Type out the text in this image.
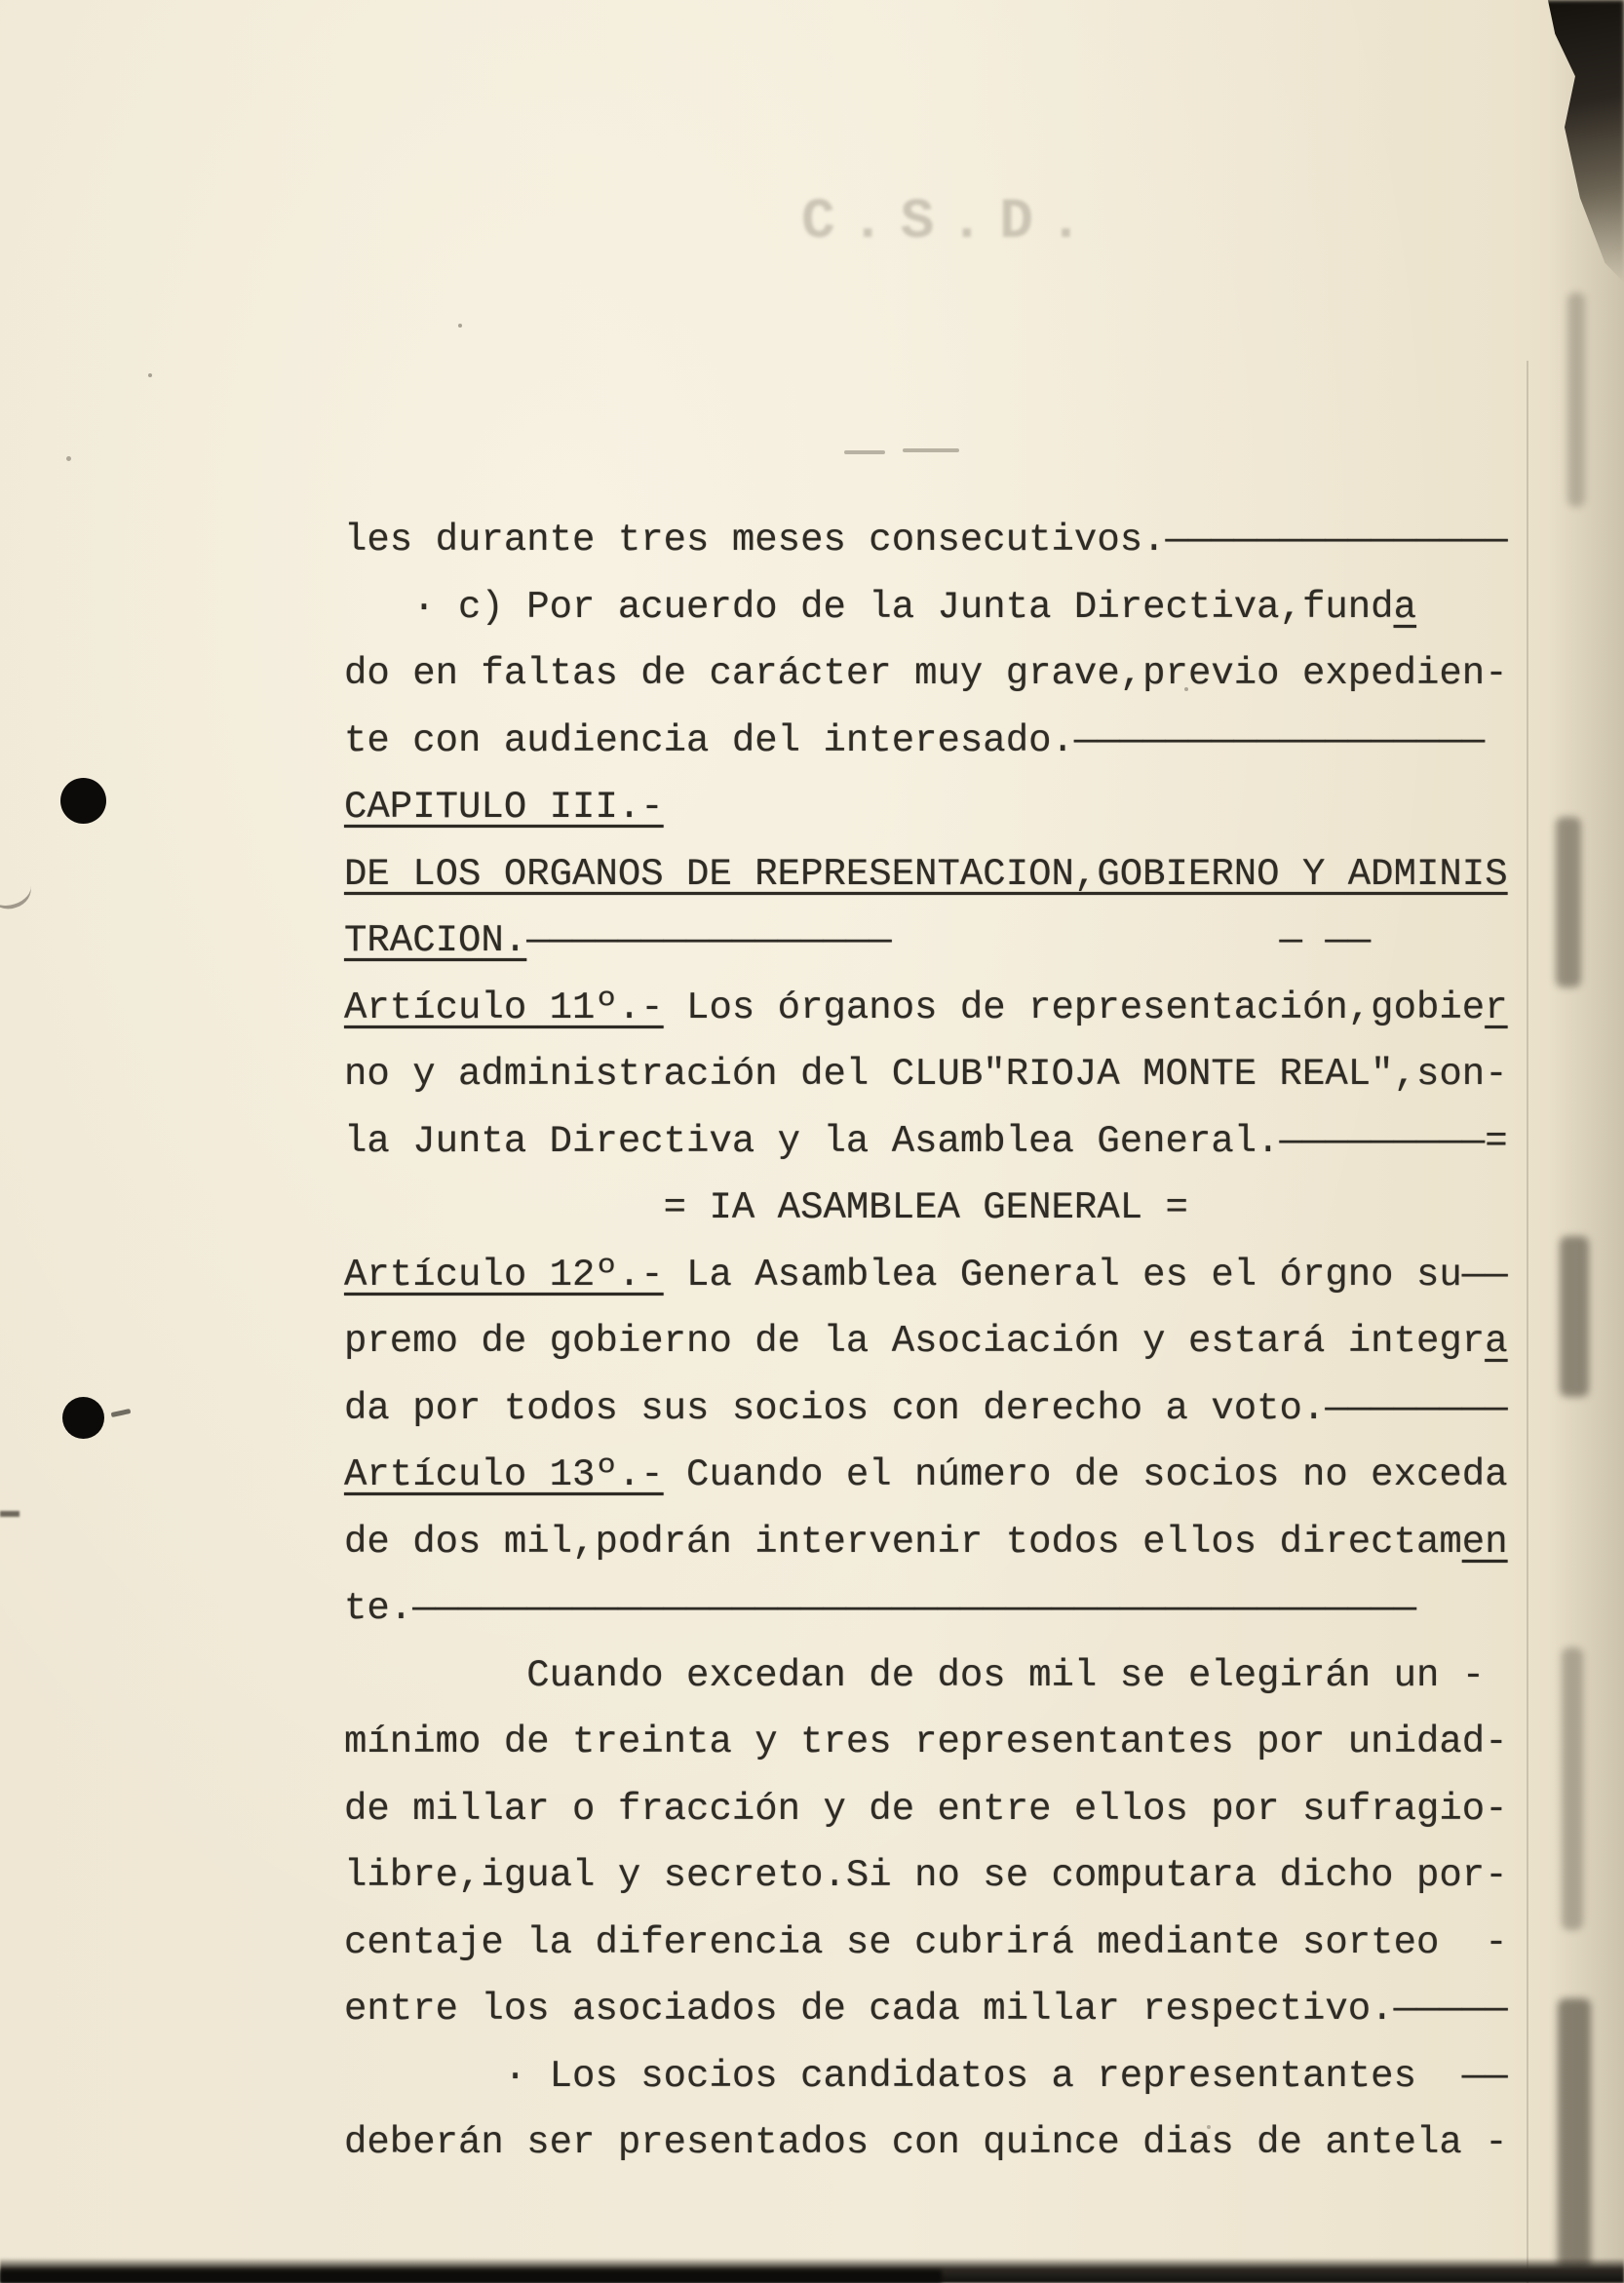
C.S.D.
les durante tres meses consecutivos.———————————————
· c) Por acuerdo de la Junta Directiva,funda
do en faltas de carácter muy grave,previo expedien-
te con audiencia del interesado.——————————————————
CAPITULO III.-
DE LOS ORGANOS DE REPRESENTACION,GOBIERNO Y ADMINIS
TRACION.————————————————                 — ——
Artículo 11º.- Los órganos de representación,gobier
no y administración del CLUB"RIOJA MONTE REAL",son-
la Junta Directiva y la Asamblea General.—————————=
= IA ASAMBLEA GENERAL =
Artículo 12º.- La Asamblea General es el órgno su——
premo de gobierno de la Asociación y estará integra
da por todos sus socios con derecho a voto.————————
Artículo 13º.- Cuando el número de socios no exceda
de dos mil,podrán intervenir todos ellos directamen
te.————————————————————————————————————————————
Cuando excedan de dos mil se elegirán un -
mínimo de treinta y tres representantes por unidad-
de millar o fracción y de entre ellos por sufragio-
libre,igual y secreto.Si no se computara dicho por-
centaje la diferencia se cubrirá mediante sorteo  -
entre los asociados de cada millar respectivo.—————
· Los socios candidatos a representantes  ——
deberán ser presentados con quince dias de antela -
